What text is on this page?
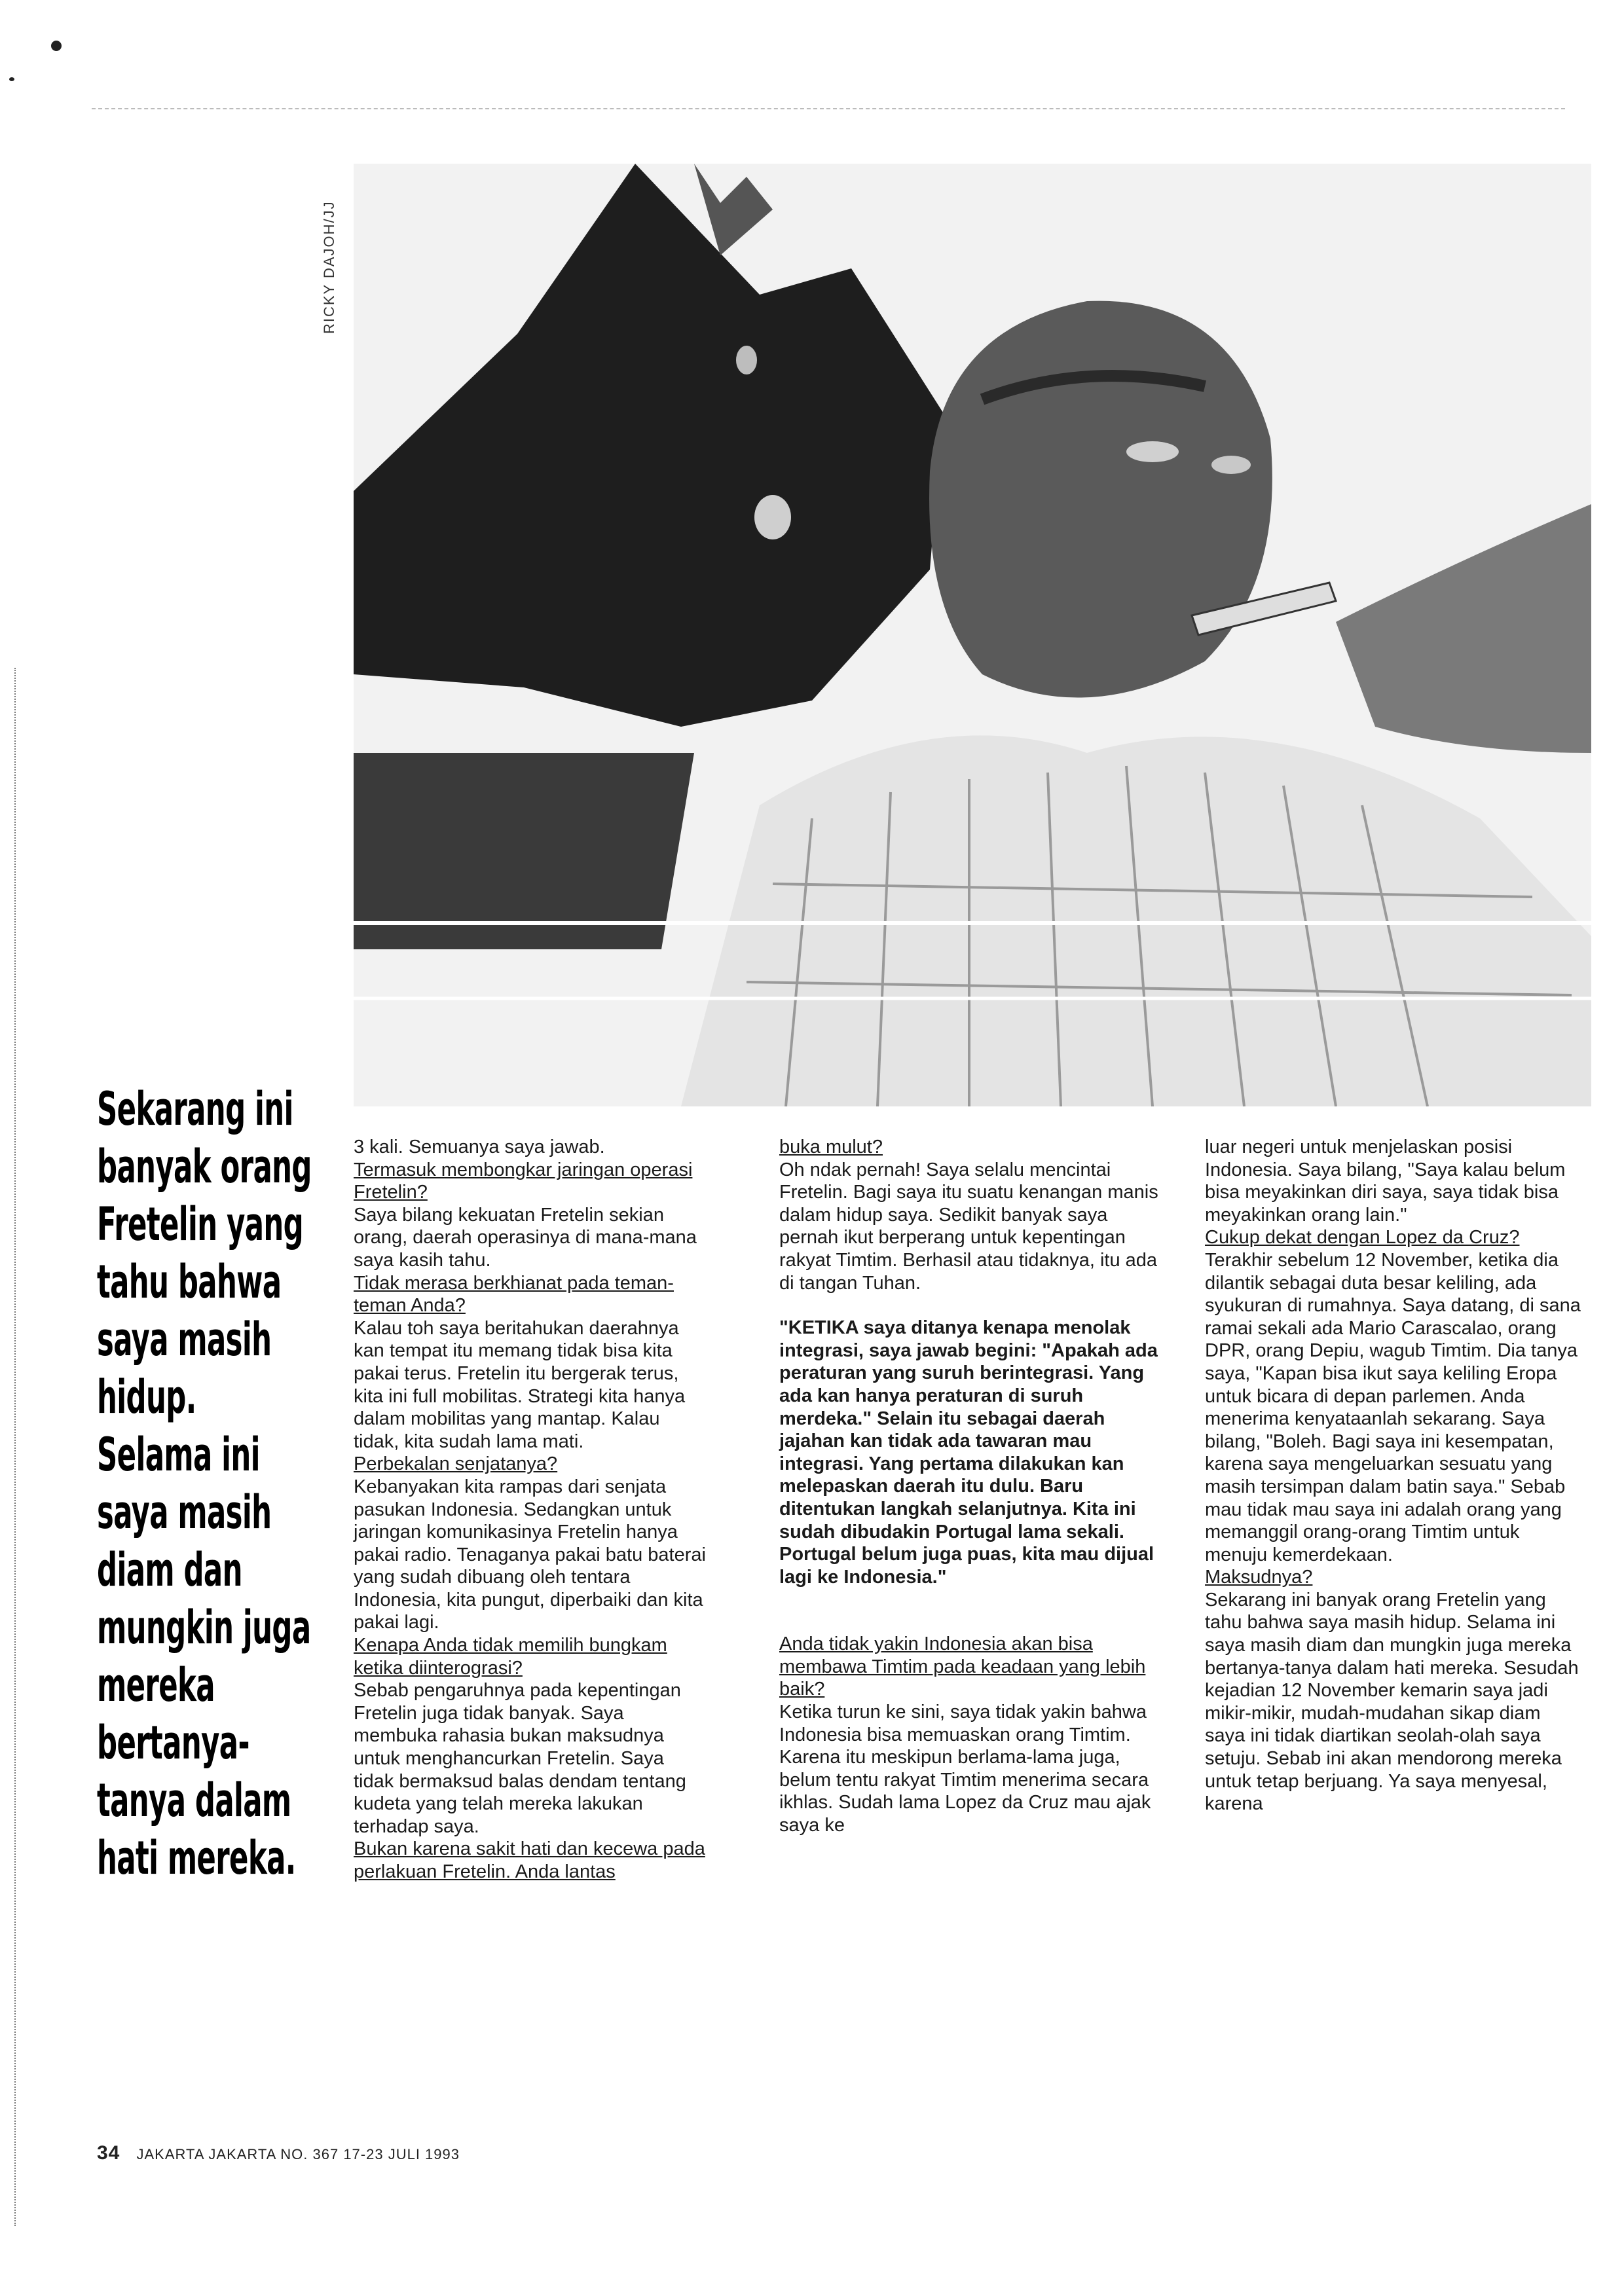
RICKY DAJOH/JJ
Sekarang ini banyak orang Fretelin yang tahu bahwa saya masih hidup. Selama ini saya masih diam dan mungkin juga mereka bertanya-tanya dalam hati mereka.

3 kali. Semuanya saya jawab.

Termasuk membongkar jaringan operasi Fretelin?

Saya bilang kekuatan Fretelin sekian orang, daerah operasinya di mana-mana saya kasih tahu.

Tidak merasa berkhianat pada teman-teman Anda?

Kalau toh saya beritahukan daerahnya kan tempat itu memang tidak bisa kita pakai terus. Fretelin itu bergerak terus, kita ini full mobilitas. Strategi kita hanya dalam mobilitas yang mantap. Kalau tidak, kita sudah lama mati.

Perbekalan senjatanya?

Kebanyakan kita rampas dari senjata pasukan Indonesia. Sedangkan untuk jaringan komunikasinya Fretelin hanya pakai radio. Tenaganya pakai batu baterai yang sudah dibuang oleh tentara Indonesia, kita pungut, diperbaiki dan kita pakai lagi.

Kenapa Anda tidak memilih bungkam ketika diinterograsi?

Sebab pengaruhnya pada kepentingan Fretelin juga tidak banyak. Saya membuka rahasia bukan maksudnya untuk menghancurkan Fretelin. Saya tidak bermaksud balas dendam tentang kudeta yang telah mereka lakukan terhadap saya.

Bukan karena sakit hati dan kecewa pada perlakuan Fretelin. Anda lantas

buka mulut?

Oh ndak pernah! Saya selalu mencintai Fretelin. Bagi saya itu suatu kenangan manis dalam hidup saya. Sedikit banyak saya pernah ikut berperang untuk kepentingan rakyat Timtim. Berhasil atau tidaknya, itu ada di tangan Tuhan.

"KETIKA saya ditanya kenapa menolak integrasi, saya jawab begini: "Apakah ada peraturan yang suruh berintegrasi. Yang ada kan hanya peraturan di suruh merdeka." Selain itu sebagai daerah jajahan kan tidak ada tawaran mau integrasi. Yang pertama dilakukan kan melepaskan daerah itu dulu. Baru ditentukan langkah selanjutnya. Kita ini sudah dibudakin Portugal lama sekali. Portugal belum juga puas, kita mau dijual lagi ke Indonesia."

Anda tidak yakin Indonesia akan bisa membawa Timtim pada keadaan yang lebih baik?

Ketika turun ke sini, saya tidak yakin bahwa Indonesia bisa memuaskan orang Timtim. Karena itu meskipun berlama-lama juga, belum tentu rakyat Timtim menerima secara ikhlas. Sudah lama Lopez da Cruz mau ajak saya ke

luar negeri untuk menjelaskan posisi Indonesia. Saya bilang, "Saya kalau belum bisa meyakinkan diri saya, saya tidak bisa meyakinkan orang lain."

Cukup dekat dengan Lopez da Cruz?

Terakhir sebelum 12 November, ketika dia dilantik sebagai duta besar keliling, ada syukuran di rumahnya. Saya datang, di sana ramai sekali ada Mario Carascalao, orang DPR, orang Depiu, wagub Timtim. Dia tanya saya, "Kapan bisa ikut saya keliling Eropa untuk bicara di depan parlemen. Anda menerima kenyataanlah sekarang. Saya bilang, "Boleh. Bagi saya ini kesempatan, karena saya mengeluarkan sesuatu yang masih tersimpan dalam batin saya." Sebab mau tidak mau saya ini adalah orang yang memanggil orang-orang Timtim untuk menuju kemerdekaan.

Maksudnya?

Sekarang ini banyak orang Fretelin yang tahu bahwa saya masih hidup. Selama ini saya masih diam dan mungkin juga mereka bertanya-tanya dalam hati mereka. Sesudah kejadian 12 November kemarin saya jadi mikir-mikir, mudah-mudahan sikap diam saya ini tidak diartikan seolah-olah saya setuju. Sebab ini akan mendorong mereka untuk tetap berjuang. Ya saya menyesal, karena

34 JAKARTA JAKARTA NO. 367 17-23 JULI 1993
